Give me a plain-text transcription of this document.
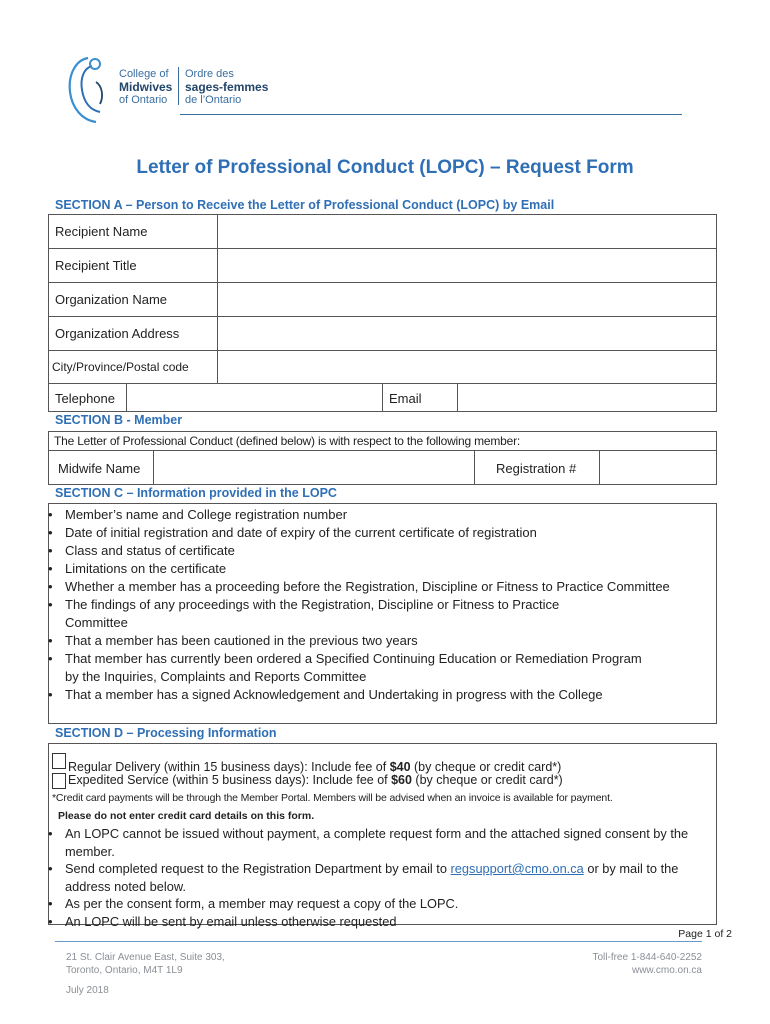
College of
Midwives
of Ontario
Ordre des
sages-femmes
de l’Ontario
Letter of Professional Conduct (LOPC) – Request Form
SECTION A – Person to Receive the Letter of Professional Conduct (LOPC) by Email
Recipient Name
Recipient Title
Organization Name
Organization Address
City/Province/Postal code
Telephone	Email
SECTION B - Member
The Letter of Professional Conduct (defined below) is with respect to the following member:
Midwife Name	Registration #
SECTION C – Information provided in the LOPC
• Member’s name and College registration number
• Date of initial registration and date of expiry of the current certificate of registration
• Class and status of certificate
• Limitations on the certificate
• Whether a member has a proceeding before the Registration, Discipline or Fitness to Practice Committee
• The findings of any proceedings with the Registration, Discipline or Fitness to Practice Committee
• That a member has been cautioned in the previous two years
• That member has currently been ordered a Specified Continuing Education or Remediation Program by the Inquiries, Complaints and Reports Committee
• That a member has a signed Acknowledgement and Undertaking in progress with the College
SECTION D – Processing Information
Regular Delivery (within 15 business days): Include fee of $40 (by cheque or credit card*)
Expedited Service (within 5 business days): Include fee of $60 (by cheque or credit card*)
*Credit card payments will be through the Member Portal. Members will be advised when an invoice is available for payment.
Please do not enter credit card details on this form.
• An LOPC cannot be issued without payment, a complete request form and the attached signed consent by the member.
• Send completed request to the Registration Department by email to regsupport@cmo.on.ca or by mail to the address noted below.
• As per the consent form, a member may request a copy of the LOPC.
• An LOPC will be sent by email unless otherwise requested
Page 1 of 2
21 St. Clair Avenue East, Suite 303,
Toronto, Ontario, M4T 1L9
Toll-free 1-844-640-2252
www.cmo.on.ca
July 2018
